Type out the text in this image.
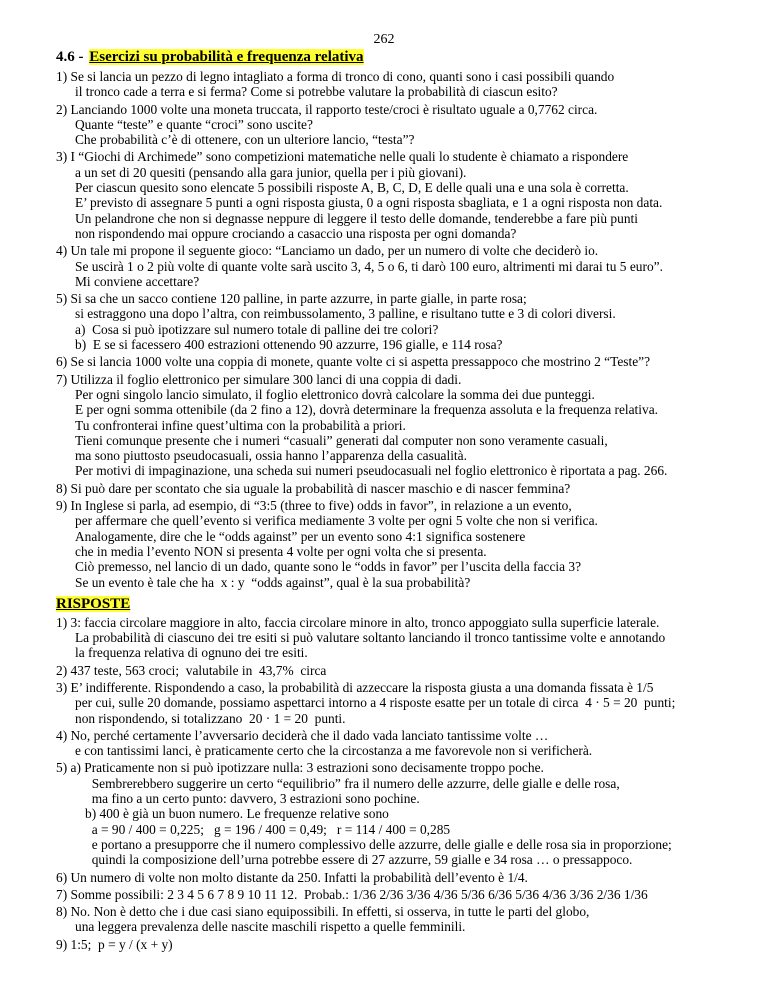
262
4.6 - Esercizi su probabilità e frequenza relativa
1) Se si lancia un pezzo di legno intagliato a forma di tronco di cono, quanti sono i casi possibili quando
il tronco cade a terra e si ferma? Come si potrebbe valutare la probabilità di ciascun esito?
2) Lanciando 1000 volte una moneta truccata, il rapporto teste/croci è risultato uguale a 0,7762 circa.
Quante “teste” e quante “croci” sono uscite?
Che probabilità c’è di ottenere, con un ulteriore lancio, “testa”?
3) I “Giochi di Archimede” sono competizioni matematiche nelle quali lo studente è chiamato a rispondere
a un set di 20 quesiti (pensando alla gara junior, quella per i più giovani).
Per ciascun quesito sono elencate 5 possibili risposte A, B, C, D, E delle quali una e una sola è corretta.
E’ previsto di assegnare 5 punti a ogni risposta giusta, 0 a ogni risposta sbagliata, e 1 a ogni risposta non data.
Un pelandrone che non si degnasse neppure di leggere il testo delle domande, tenderebbe a fare più punti
non rispondendo mai oppure crociando a casaccio una risposta per ogni domanda?
4) Un tale mi propone il seguente gioco: “Lanciamo un dado, per un numero di volte che deciderò io.
Se uscirà 1 o 2 più volte di quante volte sarà uscito 3, 4, 5 o 6, ti darò 100 euro, altrimenti mi darai tu 5 euro”.
Mi conviene accettare?
5) Si sa che un sacco contiene 120 palline, in parte azzurre, in parte gialle, in parte rosa;
si estraggono una dopo l’altra, con reimbussolamento, 3 palline, e risultano tutte e 3 di colori diversi.
a)  Cosa si può ipotizzare sul numero totale di palline dei tre colori?
b)  E se si facessero 400 estrazioni ottenendo 90 azzurre, 196 gialle, e 114 rosa?
6) Se si lancia 1000 volte una coppia di monete, quante volte ci si aspetta pressappoco che mostrino 2 “Teste”?
7) Utilizza il foglio elettronico per simulare 300 lanci di una coppia di dadi.
Per ogni singolo lancio simulato, il foglio elettronico dovrà calcolare la somma dei due punteggi.
E per ogni somma ottenibile (da 2 fino a 12), dovrà determinare la frequenza assoluta e la frequenza relativa.
Tu confronterai infine quest’ultima con la probabilità a priori.
Tieni comunque presente che i numeri “casuali” generati dal computer non sono veramente casuali,
ma sono piuttosto pseudocasuali, ossia hanno l’apparenza della casualità.
Per motivi di impaginazione, una scheda sui numeri pseudocasuali nel foglio elettronico è riportata a pag. 266.
8) Si può dare per scontato che sia uguale la probabilità di nascer maschio e di nascer femmina?
9) In Inglese si parla, ad esempio, di “3:5 (three to five) odds in favor”, in relazione a un evento,
per affermare che quell’evento si verifica mediamente 3 volte per ogni 5 volte che non si verifica.
Analogamente, dire che le “odds against” per un evento sono 4:1 significa sostenere
che in media l’evento NON si presenta 4 volte per ogni volta che si presenta.
Ciò premesso, nel lancio di un dado, quante sono le “odds in favor” per l’uscita della faccia 3?
Se un evento è tale che ha  x : y  “odds against”, qual è la sua probabilità?
RISPOSTE
1) 3: faccia circolare maggiore in alto, faccia circolare minore in alto, tronco appoggiato sulla superficie laterale.
La probabilità di ciascuno dei tre esiti si può valutare soltanto lanciando il tronco tantissime volte e annotando
la frequenza relativa di ognuno dei tre esiti.
2) 437 teste, 563 croci;  valutabile in  43,7%  circa
3) E’ indifferente. Rispondendo a caso, la probabilità di azzeccare la risposta giusta a una domanda fissata è 1/5
per cui, sulle 20 domande, possiamo aspettarci intorno a 4 risposte esatte per un totale di circa  4 · 5 = 20  punti;
non rispondendo, si totalizzano  20 · 1 = 20  punti.
4) No, perché certamente l’avversario deciderà che il dado vada lanciato tantissime volte …
e con tantissimi lanci, è praticamente certo che la circostanza a me favorevole non si verificherà.
5) a) Praticamente non si può ipotizzare nulla: 3 estrazioni sono decisamente troppo poche.
Sembrerebbero suggerire un certo “equilibrio” fra il numero delle azzurre, delle gialle e delle rosa,
ma fino a un certo punto: davvero, 3 estrazioni sono pochine.
b) 400 è già un buon numero. Le frequenze relative sono
a = 90 / 400 = 0,225;   g = 196 / 400 = 0,49;   r = 114 / 400 = 0,285
e portano a presupporre che il numero complessivo delle azzurre, delle gialle e delle rosa sia in proporzione;
quindi la composizione dell’urna potrebbe essere di 27 azzurre, 59 gialle e 34 rosa … o pressappoco.
6) Un numero di volte non molto distante da 250. Infatti la probabilità dell’evento è 1/4.
7) Somme possibili: 2 3 4 5 6 7 8 9 10 11 12.  Probab.: 1/36 2/36 3/36 4/36 5/36 6/36 5/36 4/36 3/36 2/36 1/36
8) No. Non è detto che i due casi siano equipossibili. In effetti, si osserva, in tutte le parti del globo,
una leggera prevalenza delle nascite maschili rispetto a quelle femminili.
9) 1:5;  p = y / (x + y)
